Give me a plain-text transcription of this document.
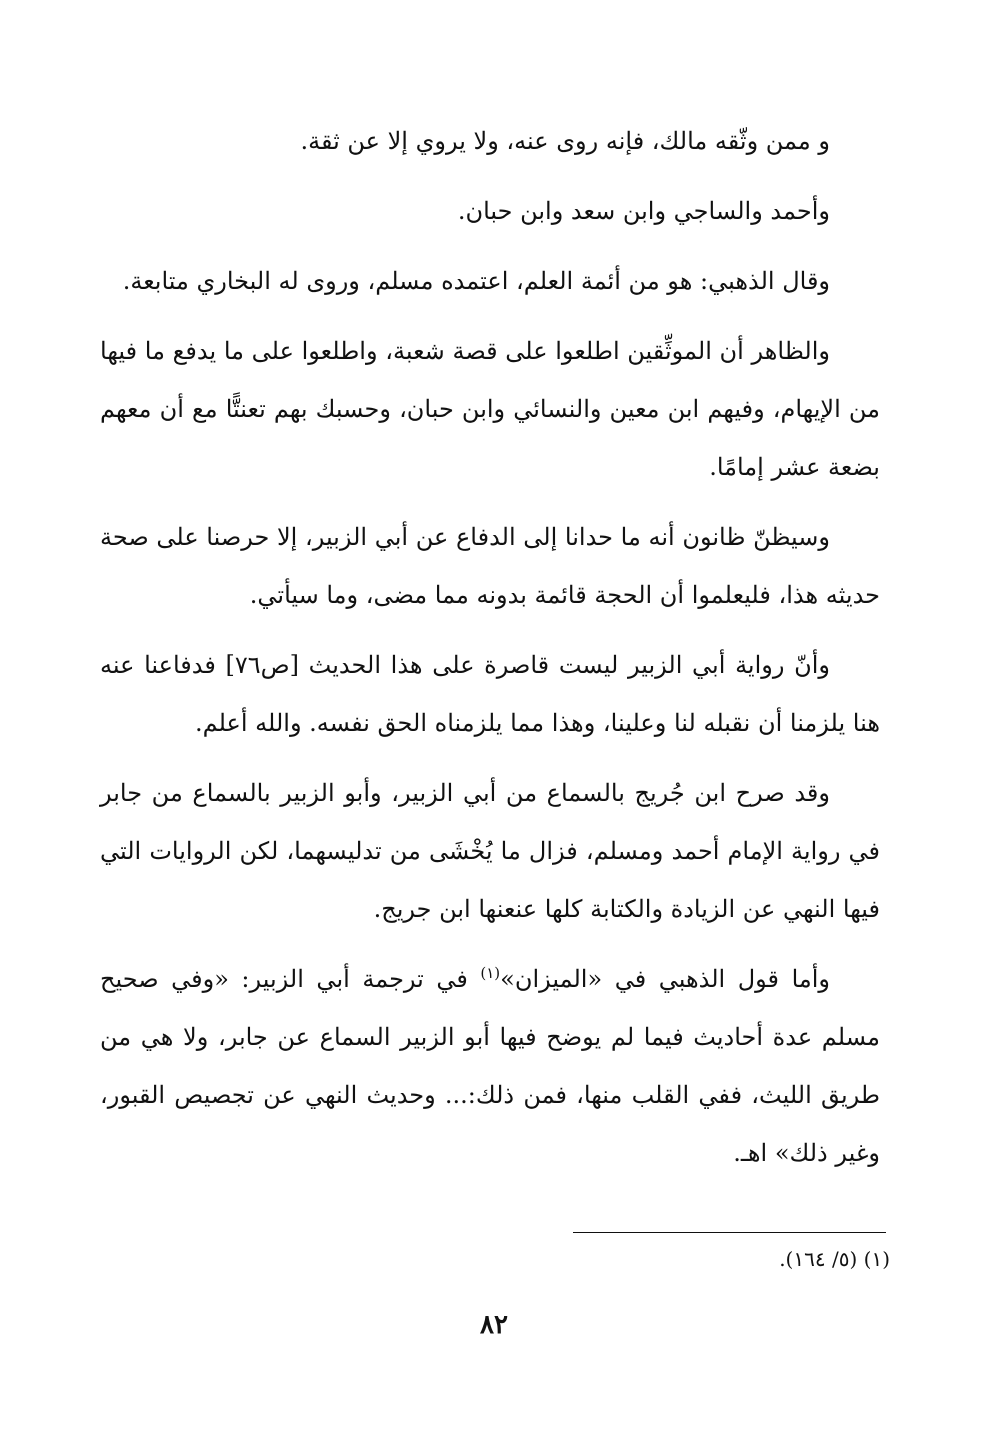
و ممن وثّقه مالك، فإنه روى عنه، ولا يروي إلا عن ثقة.

وأحمد والساجي وابن سعد وابن حبان.

وقال الذهبي: هو من أئمة العلم، اعتمده مسلم، وروى له البخاري متابعة.

والظاهر أن الموثِّقين اطلعوا على قصة شعبة، واطلعوا على ما يدفع ما فيها من الإيهام، وفيهم ابن معين والنسائي وابن حبان، وحسبك بهم تعنتًّا مع أن معهم بضعة عشر إمامًا.

وسيظنّ ظانون أنه ما حدانا إلى الدفاع عن أبي الزبير، إلا حرصنا على صحة حديثه هذا، فليعلموا أن الحجة قائمة بدونه مما مضى، وما سيأتي.

وأنّ رواية أبي الزبير ليست قاصرة على هذا الحديث [ص٧٦] فدفاعنا عنه هنا يلزمنا أن نقبله لنا وعلينا، وهذا مما يلزمناه الحق نفسه. والله أعلم.

وقد صرح ابن جُريج بالسماع من أبي الزبير، وأبو الزبير بالسماع من جابر في رواية الإمام أحمد ومسلم، فزال ما يُخْشَى من تدليسهما، لكن الروايات التي فيها النهي عن الزيادة والكتابة كلها عنعنها ابن جريج.

وأما قول الذهبي في «الميزان»$^{(١)}$ في ترجمة أبي الزبير: «وفي صحيح مسلم عدة أحاديث فيما لم يوضح فيها أبو الزبير السماع عن جابر، ولا هي من طريق الليث، ففي القلب منها، فمن ذلك:... وحديث النهي عن تجصيص القبور، وغير ذلك» اهـ.

(١) (٥/ ١٦٤).
٨٢
